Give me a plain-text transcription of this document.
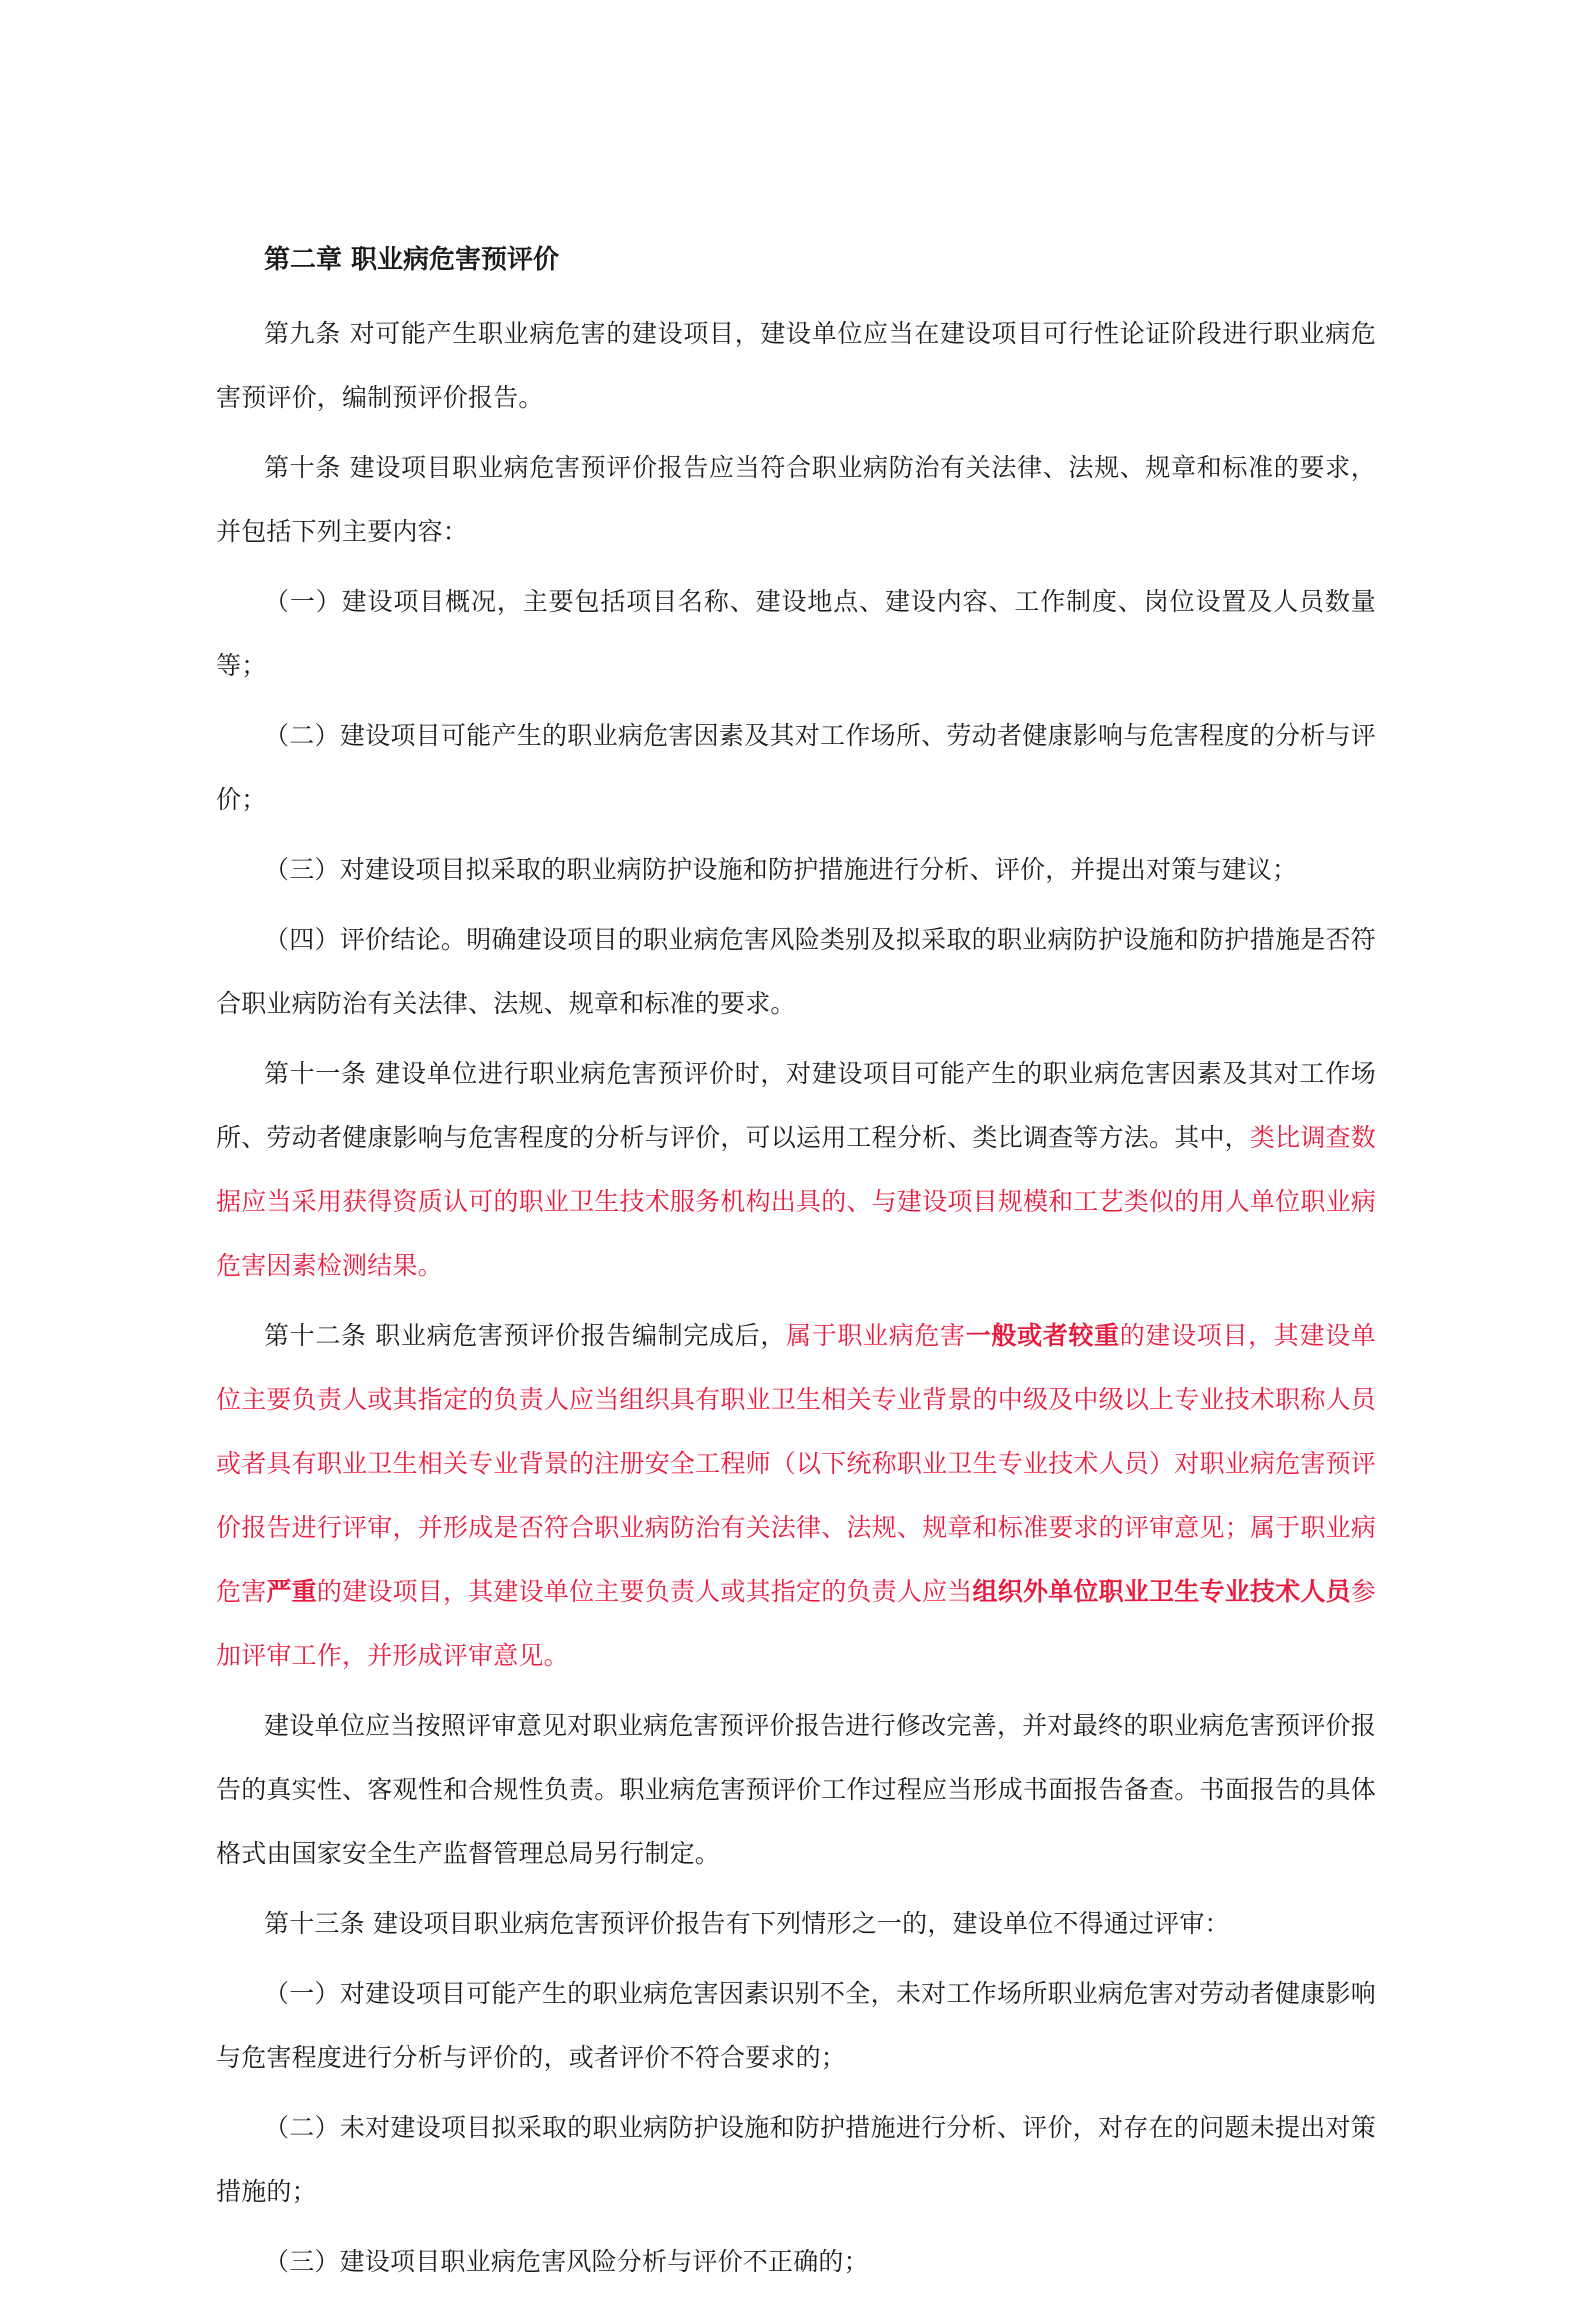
第二章 职业病危害预评价

第九条 对可能产生职业病危害的建设项目，建设单位应当在建设项目可行性论证阶段进行职业病危害预评价，编制预评价报告。

第十条 建设项目职业病危害预评价报告应当符合职业病防治有关法律、法规、规章和标准的要求，并包括下列主要内容：

（一）建设项目概况，主要包括项目名称、建设地点、建设内容、工作制度、岗位设置及人员数量等；

（二）建设项目可能产生的职业病危害因素及其对工作场所、劳动者健康影响与危害程度的分析与评价；

（三）对建设项目拟采取的职业病防护设施和防护措施进行分析、评价，并提出对策与建议；

（四）评价结论。明确建设项目的职业病危害风险类别及拟采取的职业病防护设施和防护措施是否符合职业病防治有关法律、法规、规章和标准的要求。

第十一条 建设单位进行职业病危害预评价时，对建设项目可能产生的职业病危害因素及其对工作场所、劳动者健康影响与危害程度的分析与评价，可以运用工程分析、类比调查等方法。其中，类比调查数据应当采用获得资质认可的职业卫生技术服务机构出具的、与建设项目规模和工艺类似的用人单位职业病危害因素检测结果。

第十二条 职业病危害预评价报告编制完成后，属于职业病危害一般或者较重的建设项目，其建设单位主要负责人或其指定的负责人应当组织具有职业卫生相关专业背景的中级及中级以上专业技术职称人员或者具有职业卫生相关专业背景的注册安全工程师（以下统称职业卫生专业技术人员）对职业病危害预评价报告进行评审，并形成是否符合职业病防治有关法律、法规、规章和标准要求的评审意见；属于职业病危害严重的建设项目，其建设单位主要负责人或其指定的负责人应当组织外单位职业卫生专业技术人员参加评审工作，并形成评审意见。

建设单位应当按照评审意见对职业病危害预评价报告进行修改完善，并对最终的职业病危害预评价报告的真实性、客观性和合规性负责。职业病危害预评价工作过程应当形成书面报告备查。书面报告的具体格式由国家安全生产监督管理总局另行制定。

第十三条 建设项目职业病危害预评价报告有下列情形之一的，建设单位不得通过评审：

（一）对建设项目可能产生的职业病危害因素识别不全，未对工作场所职业病危害对劳动者健康影响与危害程度进行分析与评价的，或者评价不符合要求的；

（二）未对建设项目拟采取的职业病防护设施和防护措施进行分析、评价，对存在的问题未提出对策措施的；

（三）建设项目职业病危害风险分析与评价不正确的；
